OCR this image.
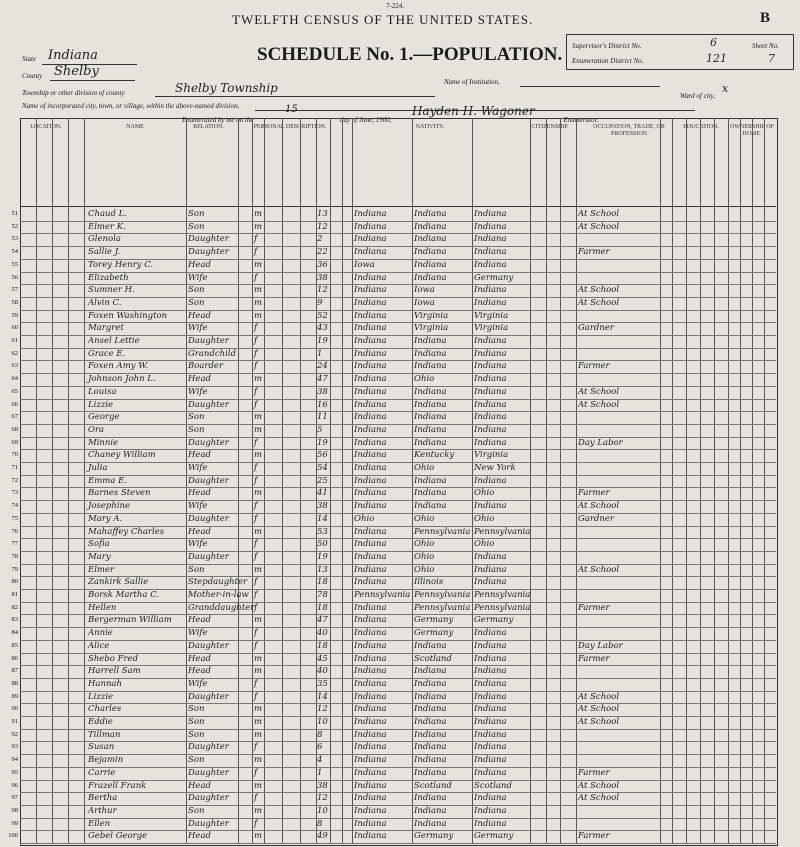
7-224.
TWELFTH CENSUS OF THE UNITED STATES.	B
SCHEDULE No. 1.—POPULATION.
State Indiana
County Shelby
Township or other division of county	Shelby Township	Name of Institution,
Ward of city,
x
Name of incorporated city, town, or village, within the above-named division,
Enumerated by me on the
15
day of June, 1900,
Hayden H. Wagoner
, Enumerator.
Supervisor's District No.	6
Enumeration District No.	121
Sheet No.
7
LOCATION.	NAME	RELATION.	PERSONAL DESCRIPTION.	NATIVITY.	CITIZENSHIP.	OCCUPATION, TRADE, OR PROFESSION
EDUCATION.	OWNERSHIP OF HOME.
51	Chaud L.	Son	m	13	Indiana	Indiana	Indiana	At School
52	Elmer K.	Son	m	12	Indiana	Indiana	Indiana	At School
53	Glenola	Daughter	f	2	Indiana	Indiana	Indiana
54	Sallie J.	Daughter	f	22	Indiana	Indiana	Indiana	Farmer
55	Torey Henry C.	Head	m	36	Iowa	Indiana	Indiana
56	Elizabeth	Wife	f	38	Indiana	Indiana	Germany
57	Sumner H.	Son	m	12	Indiana	Iowa	Indiana	At School
58	Alvin C.	Son	m	9	Indiana	Iowa	Indiana	At School
59	Foxen Washington	Head	m	52	Indiana	Virginia	Virginia
60	Margret	Wife	f	43	Indiana	Virginia	Virginia	Gardner
61	Ansel Lettie	Daughter	f	19	Indiana	Indiana	Indiana
62	Grace E.	Grandchild f	1	Indiana	Indiana	Indiana
63	Foxen Amy W.	Boarder	f	24	Indiana	Indiana	Indiana	Farmer
64	Johnson John L.	Head	m	47	Indiana	Ohio	Indiana
65	Louisa	Wife	f	38	Indiana	Indiana	Indiana	At School
66	Lizzie	Daughter	f	16	Indiana	Indiana	Indiana	At School
67	George	Son	m	11	Indiana	Indiana	Indiana
68	Ora	Son	m	5	Indiana	Indiana	Indiana
69	Minnie	Daughter	f	19	Indiana	Indiana	Indiana	Day Labor
70	Chaney William	Head	m	56	Indiana	Kentucky	Virginia
71	Julia	Wife	f	54	Indiana	Ohio	New York
72	Emma E.	Daughter	f	25	Indiana	Indiana	Indiana
73	Barnes Steven	Head	m	41	Indiana	Indiana	Ohio	Farmer
74	Josephine	Wife	f	38	Indiana	Indiana	Indiana	At School
75	Mary A.	Daughter	f	14	Ohio	Ohio	Ohio	Gardner
76	Mahaffey Charles	Head	m	53	Indiana	Pennsylvania Pennsylvania
77	Sofia	Wife	f	50	Indiana	Ohio	Ohio
78	Mary	Daughter	f	19	Indiana	Ohio	Indiana
79	Elmer	Son	m	13	Indiana	Ohio	Indiana	At School
80	Zankirk Sallie	Stepdaughter f	18	Indiana	Illinois	Indiana
81	Borsk Martha C.	Mother-in-law f	78	Pennsylvania Pennsylvania Pennsylvania
82	Hellen	Granddaughter f	18	Indiana	Pennsylvania Pennsylvania	Farmer
83	Bergerman William	Head	m	47	Indiana	Germany	Germany
84	Annie	Wife	f	40	Indiana	Germany	Indiana
85	Alice	Daughter	f	18	Indiana	Indiana	Indiana	Day Labor
86	Shebo Fred	Head	m	45	Indiana	Scotland	Indiana	Farmer
87	Harrell Sam	Head	m	40	Indiana	Indiana	Indiana
88	Hannah	Wife	f	35	Indiana	Indiana	Indiana
89	Lizzie	Daughter	f	14	Indiana	Indiana	Indiana	At School
90	Charles	Son	m	12	Indiana	Indiana	Indiana	At School
91	Eddie	Son	m	10	Indiana	Indiana	Indiana	At School
92	Tillman	Son	m	8	Indiana	Indiana	Indiana
93	Susan	Daughter	f	6	Indiana	Indiana	Indiana
94	Bejamin	Son	m	4	Indiana	Indiana	Indiana
95	Carrie	Daughter	f	1	Indiana	Indiana	Indiana	Farmer
96	Frazell Frank	Head	m	38	Indiana	Scotland	Scotland	At School
97	Bertha	Daughter	f	12	Indiana	Indiana	Indiana	At School
98	Arthur	Son	m	10	Indiana	Indiana	Indiana
99	Ellen	Daughter	f	8	Indiana	Indiana	Indiana
100	Gebel George	Head	m	49	Indiana	Germany	Germany	Farmer
